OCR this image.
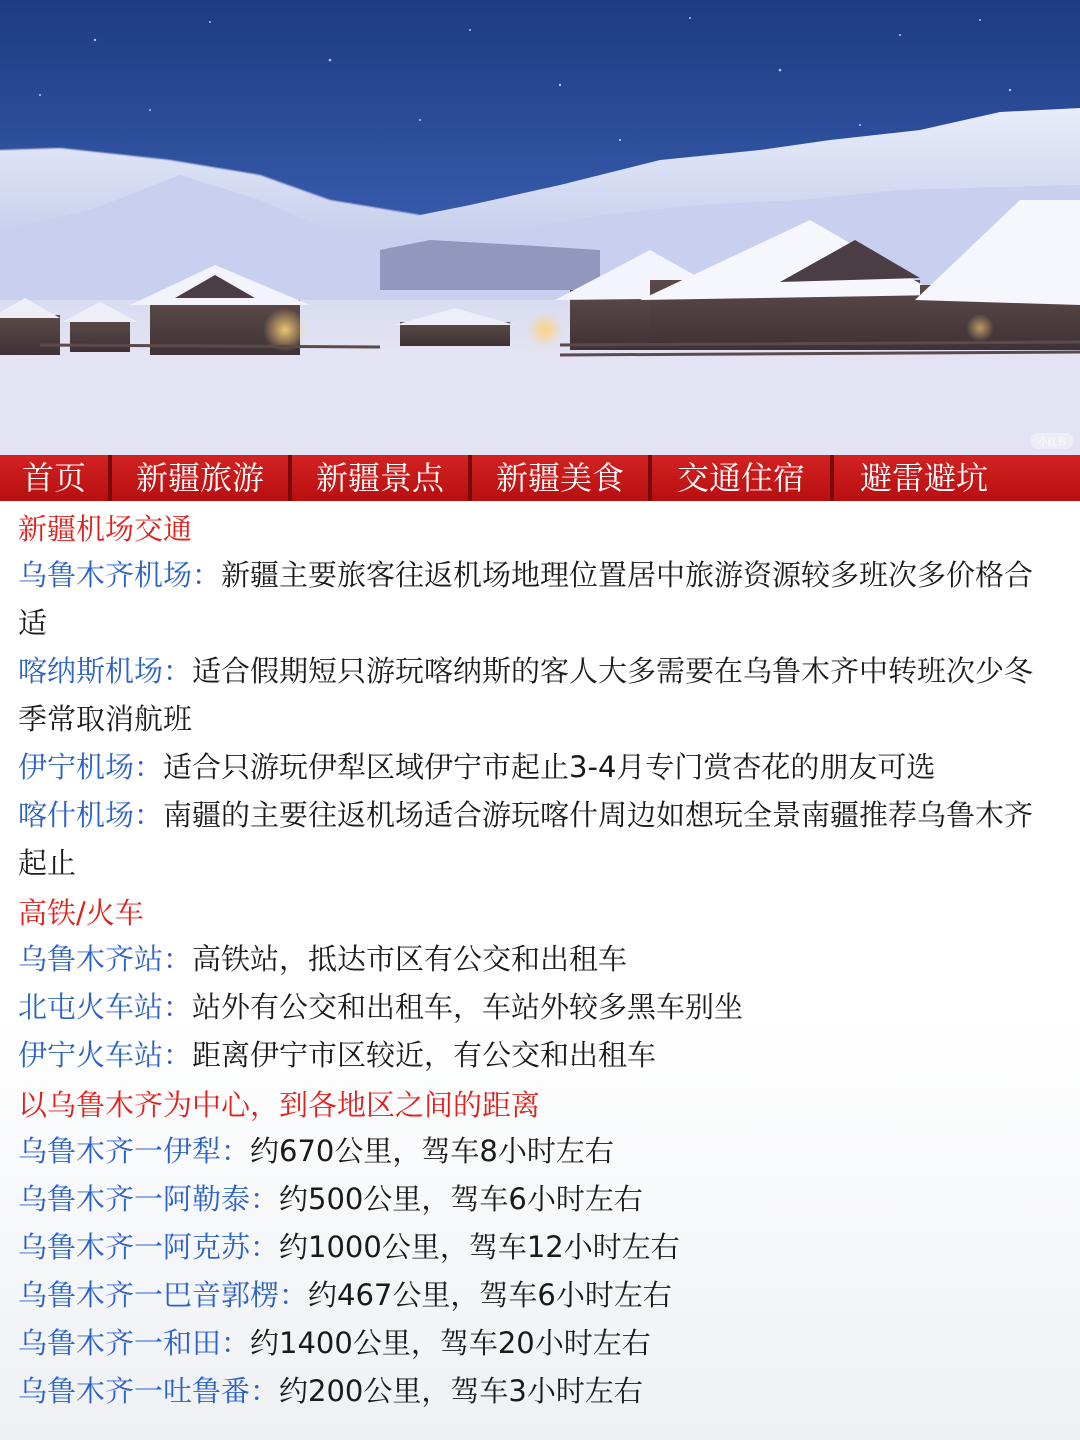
小红书
首页	新疆旅游	新疆景点	新疆美食	交通住宿	避雷避坑
新疆机场交通
乌鲁木齐机场：新疆主要旅客往返机场地理位置居中旅游资源较多班次多价格合适
喀纳斯机场：适合假期短只游玩喀纳斯的客人大多需要在乌鲁木齐中转班次少冬季常取消航班
伊宁机场：适合只游玩伊犁区域伊宁市起止3-4月专门赏杏花的朋友可选
喀什机场：南疆的主要往返机场适合游玩喀什周边如想玩全景南疆推荐乌鲁木齐起止
高铁/火车
乌鲁木齐站：高铁站，抵达市区有公交和出租车
北屯火车站：站外有公交和出租车，车站外较多黑车别坐
伊宁火车站：距离伊宁市区较近，有公交和出租车
以乌鲁木齐为中心，到各地区之间的距离
乌鲁木齐一伊犁：约670公里，驾车8小时左右
乌鲁木齐一阿勒泰：约500公里，驾车6小时左右
乌鲁木齐一阿克苏：约1000公里，驾车12小时左右
乌鲁木齐一巴音郭楞：约467公里，驾车6小时左右
乌鲁木齐一和田：约1400公里，驾车20小时左右
乌鲁木齐一吐鲁番：约200公里，驾车3小时左右
